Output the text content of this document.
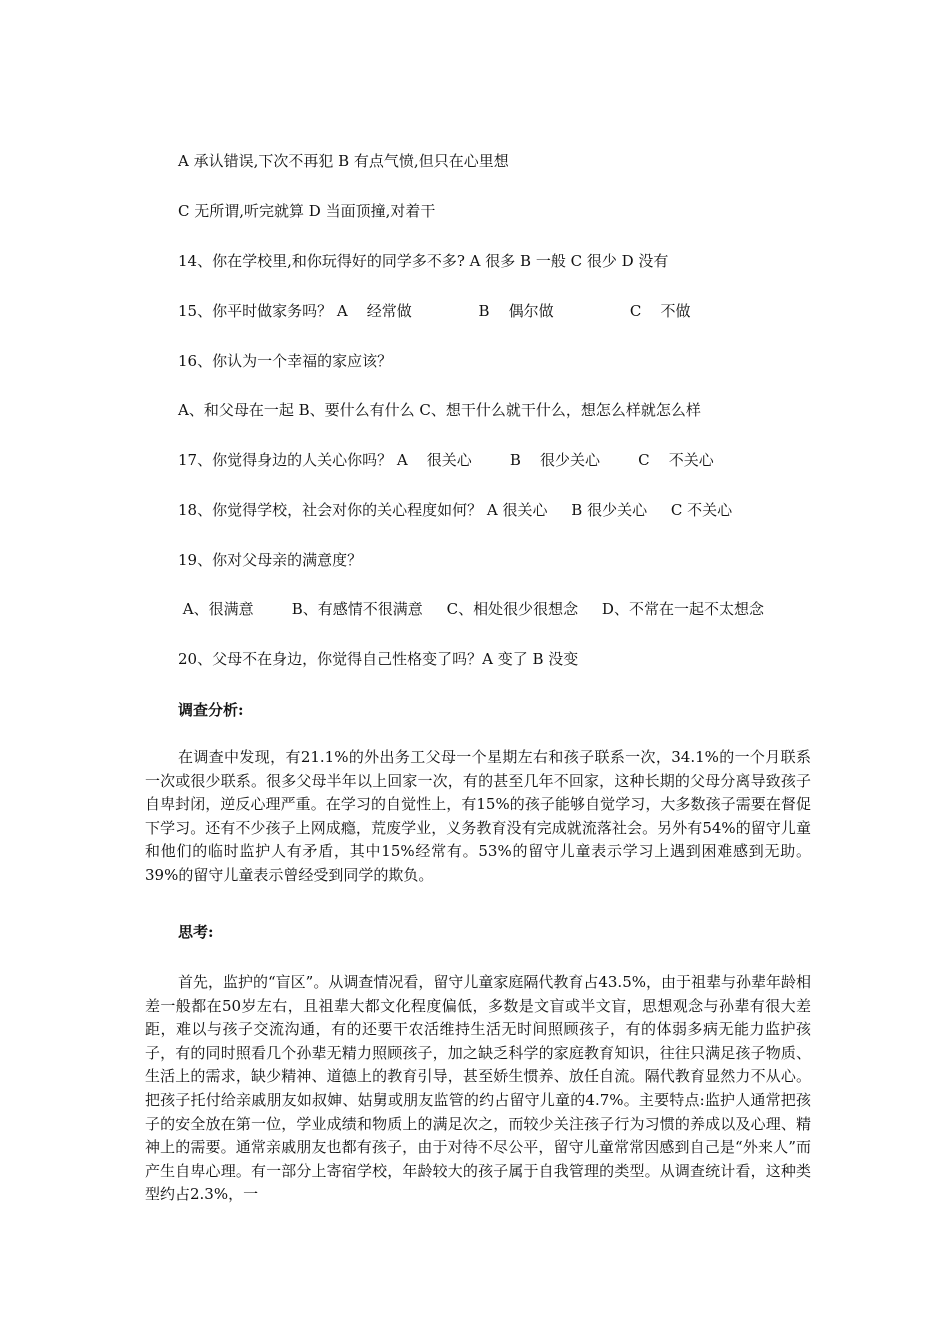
A 承认错误,下次不再犯 B 有点气愤,但只在心里想
C 无所谓,听完就算 D 当面顶撞,对着干
14、你在学校里,和你玩得好的同学多不多? A 很多 B 一般 C 很少 D 没有
15、你平时做家务吗？ A    经常做              B    偶尔做                C    不做
16、你认为一个幸福的家应该？
A、和父母在一起 B、要什么有什么 C、想干什么就干什么，想怎么样就怎么样
17、你觉得身边的人关心你吗？ A    很关心        B    很少关心        C    不关心
18、你觉得学校，社会对你的关心程度如何？ A 很关心     B 很少关心     C 不关心
19、你对父母亲的满意度？
A、很满意        B、有感情不很满意     C、相处很少很想念     D、不常在一起不太想念
20、父母不在身边，你觉得自己性格变了吗？A 变了 B 没变
调查分析:
在调查中发现，有21.1%的外出务工父母一个星期左右和孩子联系一次，34.1%的一个月联系一次或很少联系。很多父母半年以上回家一次，有的甚至几年不回家，这种长期的父母分离导致孩子自卑封闭，逆反心理严重。在学习的自觉性上，有15%的孩子能够自觉学习，大多数孩子需要在督促下学习。还有不少孩子上网成瘾，荒废学业，义务教育没有完成就流落社会。另外有54%的留守儿童和他们的临时监护人有矛盾，其中15%经常有。53%的留守儿童表示学习上遇到困难感到无助。39%的留守儿童表示曾经受到同学的欺负。
思考:
首先，监护的“盲区”。从调查情况看，留守儿童家庭隔代教育占43.5%，由于祖辈与孙辈年龄相差一般都在50岁左右，且祖辈大都文化程度偏低，多数是文盲或半文盲，思想观念与孙辈有很大差距，难以与孩子交流沟通，有的还要干农活维持生活无时间照顾孩子，有的体弱多病无能力监护孩子，有的同时照看几个孙辈无精力照顾孩子，加之缺乏科学的家庭教育知识，往往只满足孩子物质、生活上的需求，缺少精神、道德上的教育引导，甚至娇生惯养、放任自流。隔代教育显然力不从心。把孩子托付给亲戚朋友如叔婶、姑舅或朋友监管的约占留守儿童的4.7%。主要特点:监护人通常把孩子的安全放在第一位，学业成绩和物质上的满足次之，而较少关注孩子行为习惯的养成以及心理、精神上的需要。通常亲戚朋友也都有孩子，由于对待不尽公平，留守儿童常常因感到自己是“外来人”而产生自卑心理。有一部分上寄宿学校，年龄较大的孩子属于自我管理的类型。从调查统计看，这种类型约占2.3%，一
